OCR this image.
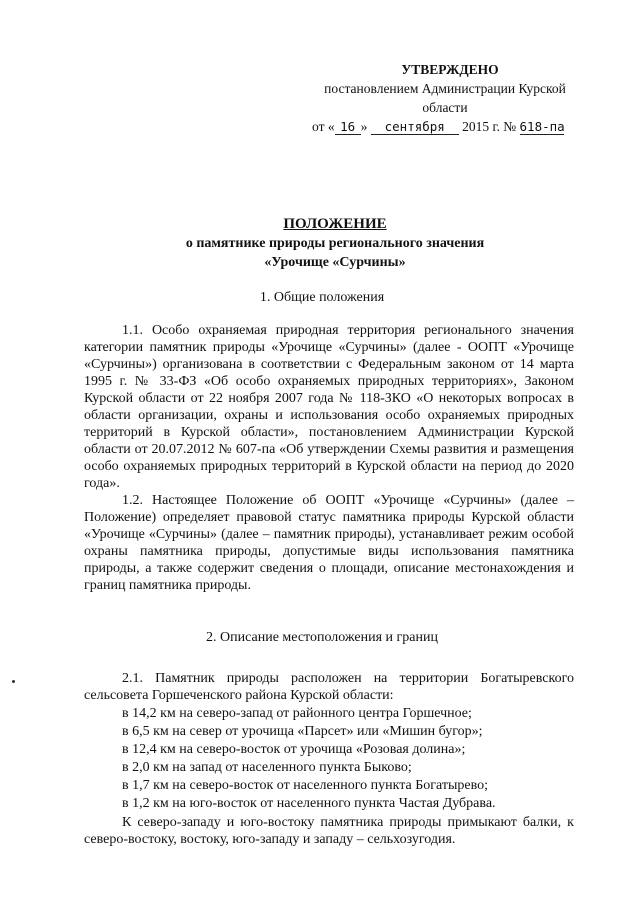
УТВЕРЖДЕНО
постановлением Администрации Курской
области
от « 16 » сентября 2015 г. № 618-па
ПОЛОЖЕНИЕ
о памятнике природы регионального значения
«Урочище «Сурчины»
1. Общие положения

1.1. Особо охраняемая природная территория регионального значения категории памятник природы «Урочище «Сурчины» (далее - ООПТ «Урочище «Сурчины») организована в соответствии с Федеральным законом от 14 марта 1995 г. № 33-ФЗ «Об особо охраняемых природных территориях», Законом Курской области от 22 ноября 2007 года № 118-ЗКО «О некоторых вопросах в области организации, охраны и использования особо охраняемых природных территорий в Курской области», постановлением Администрации Курской области от 20.07.2012 № 607-па «Об утверждении Схемы развития и размещения особо охраняемых природных территорий в Курской области на период до 2020 года».

1.2. Настоящее Положение об ООПТ «Урочище «Сурчины» (далее – Положение) определяет правовой статус памятника природы Курской области «Урочище «Сурчины» (далее – памятник природы), устанавливает режим особой охраны памятника природы, допустимые виды использования памятника природы, а также содержит сведения о площади, описание местонахождения и границ памятника природы.

2. Описание местоположения и границ

2.1. Памятник природы расположен на территории Богатыревского сельсовета Горшеченского района Курской области:

в 14,2 км на северо-запад от районного центра Горшечное;
в 6,5 км на север от урочища «Парсет» или «Мишин бугор»;
в 12,4 км на северо-восток от урочища «Розовая долина»;
в 2,0 км на запад от населенного пункта Быково;
в 1,7 км на северо-восток от населенного пункта Богатырево;
в 1,2 км на юго-восток от населенного пункта Частая Дубрава.

К северо-западу и юго-востоку памятника природы примыкают балки, к северо-востоку, востоку, юго-западу и западу – сельхозугодия.
